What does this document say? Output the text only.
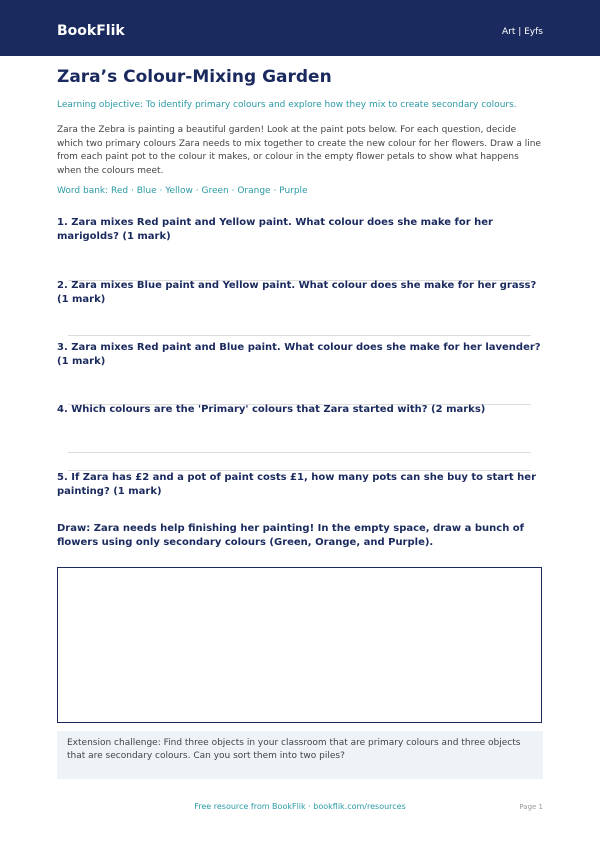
BookFlik	Art | Eyfs
Zara’s Colour-Mixing Garden
Learning objective: To identify primary colours and explore how they mix to create secondary colours.
Zara the Zebra is painting a beautiful garden! Look at the paint pots below. For each question, decide which two primary colours Zara needs to mix together to create the new colour for her flowers. Draw a line from each paint pot to the colour it makes, or colour in the empty flower petals to show what happens when the colours meet.
Word bank: Red · Blue · Yellow · Green · Orange · Purple
1. Zara mixes Red paint and Yellow paint. What colour does she make for her marigolds? (1 mark)
2. Zara mixes Blue paint and Yellow paint. What colour does she make for her grass? (1 mark)
3. Zara mixes Red paint and Blue paint. What colour does she make for her lavender? (1 mark)
4. Which colours are the 'Primary' colours that Zara started with? (2 marks)
5. If Zara has £2 and a pot of paint costs £1, how many pots can she buy to start her painting? (1 mark)
Draw: Zara needs help finishing her painting! In the empty space, draw a bunch of flowers using only secondary colours (Green, Orange, and Purple).
Extension challenge: Find three objects in your classroom that are primary colours and three objects that are secondary colours. Can you sort them into two piles?
Free resource from BookFlik · bookflik.com/resources	Page 1
